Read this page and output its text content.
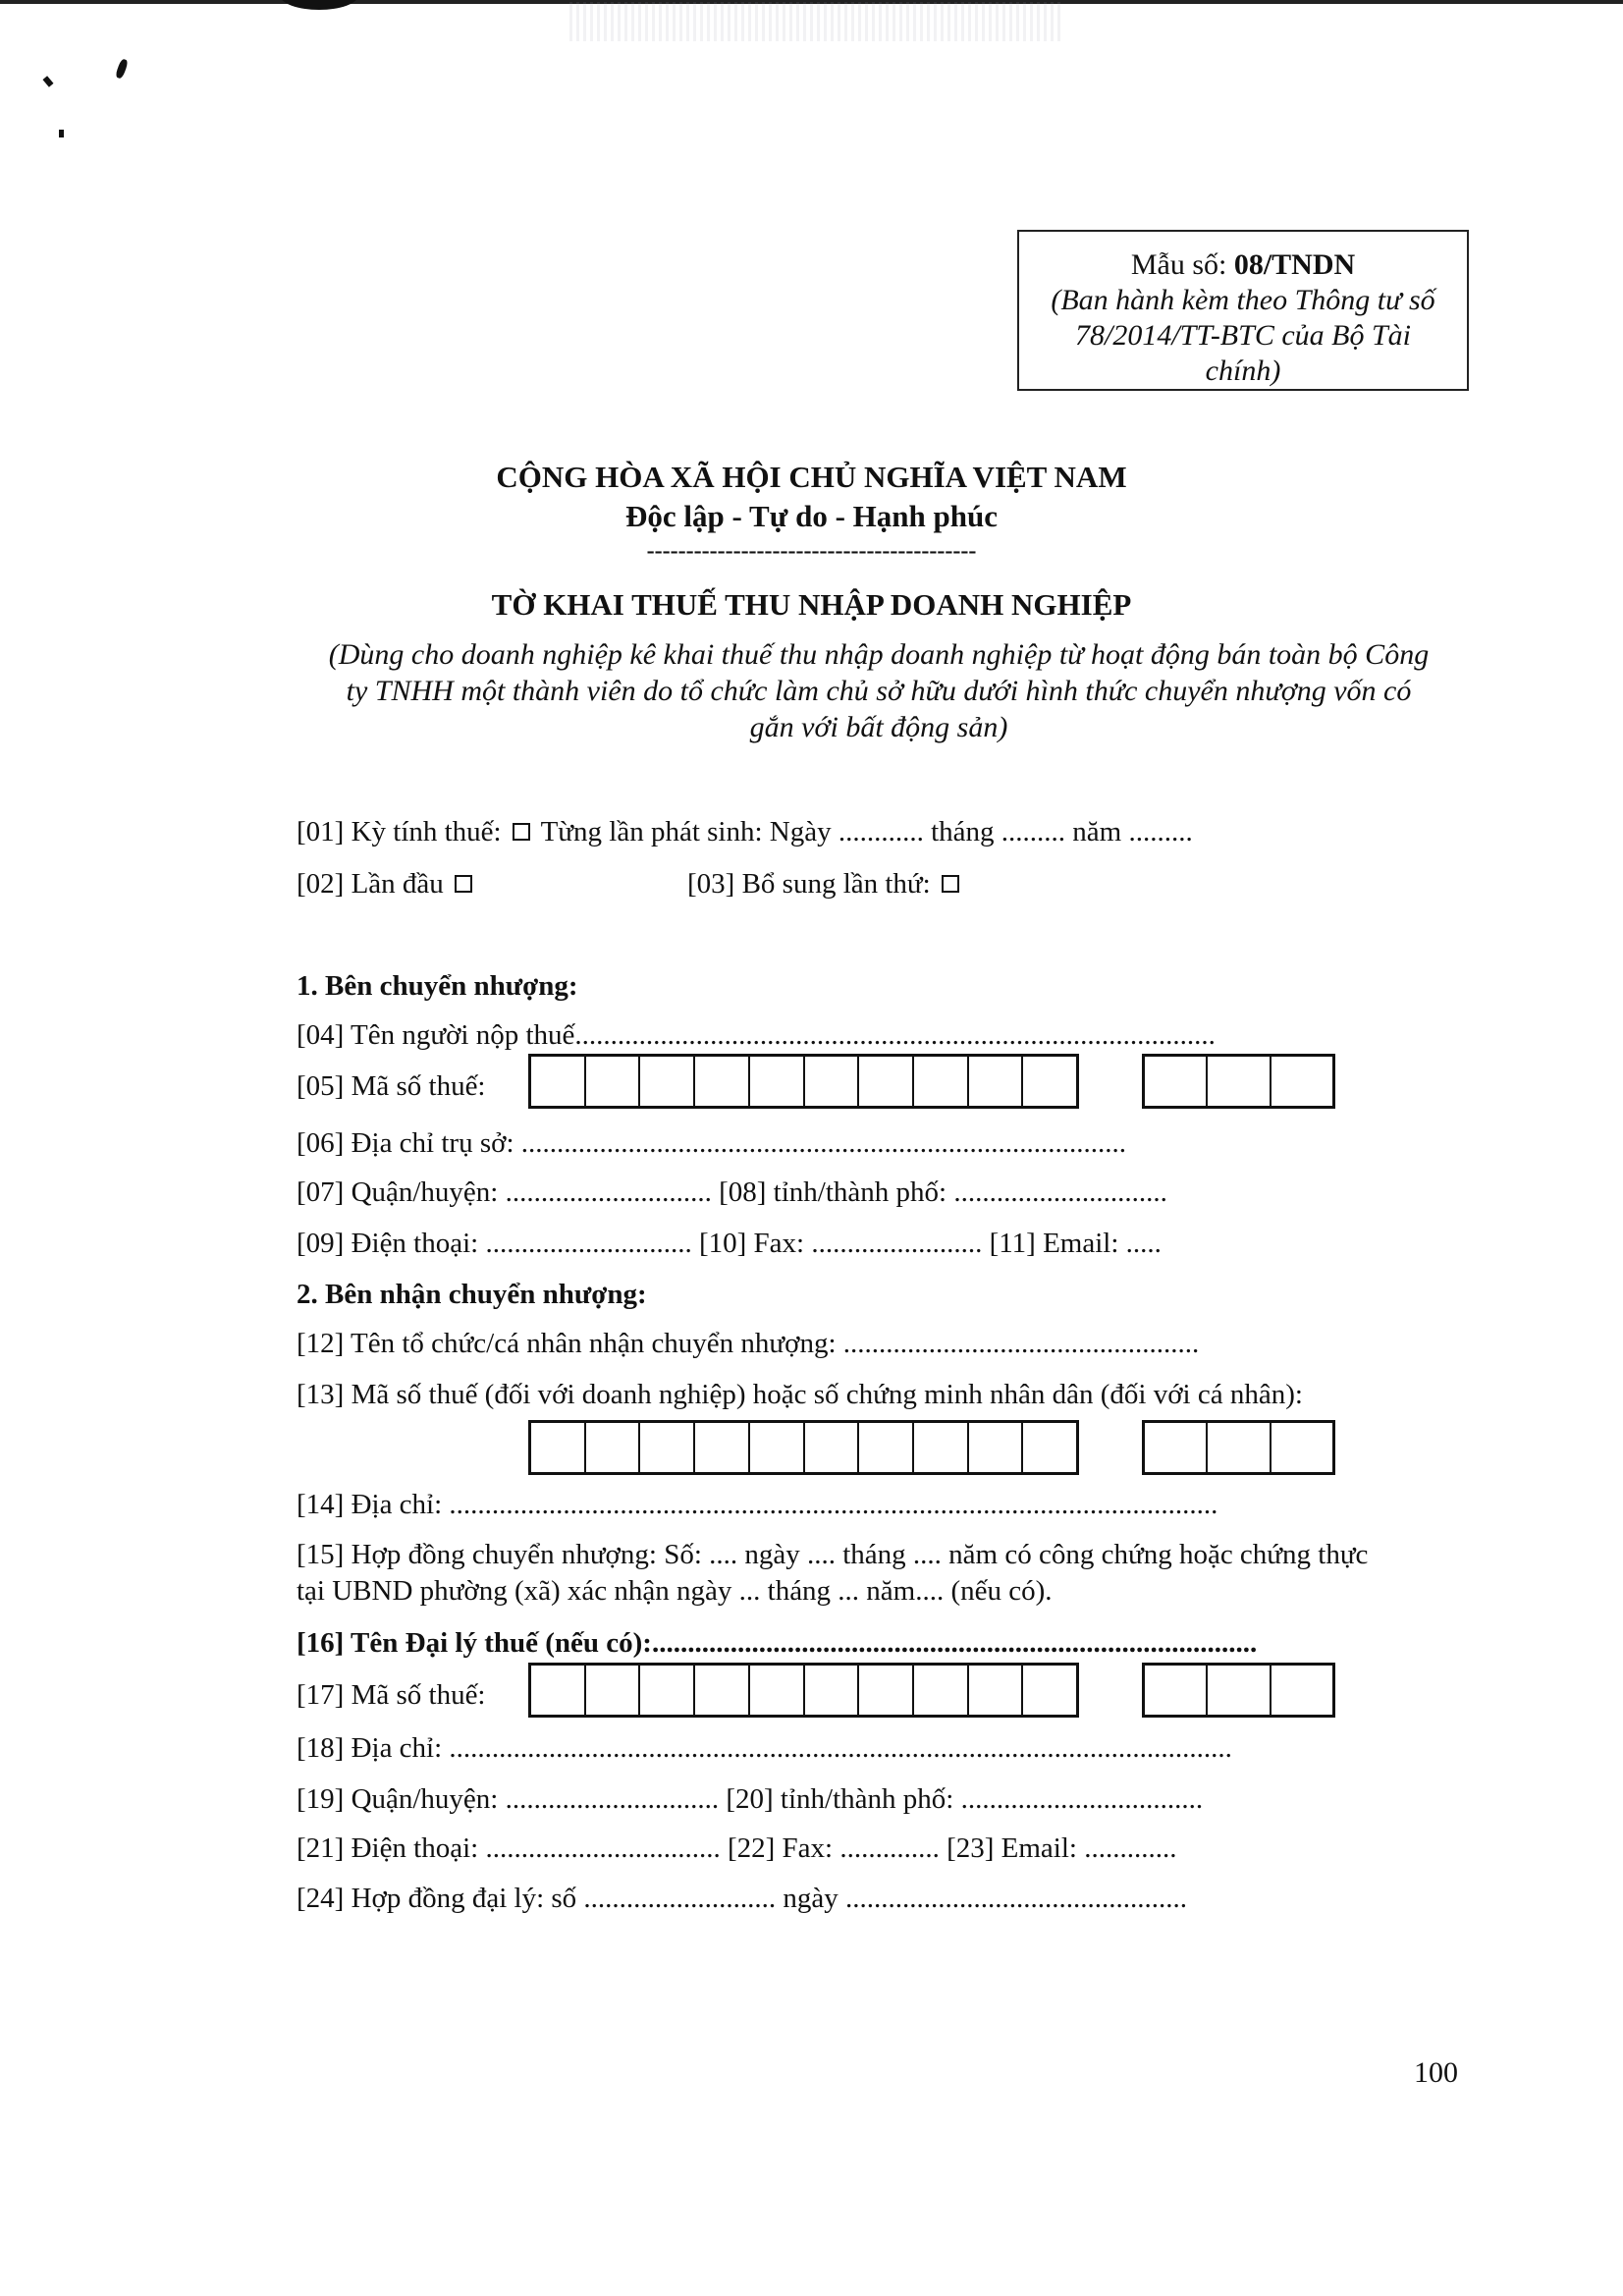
Mẫu số: 08/TNDN
(Ban hành kèm theo Thông tư số
78/2014/TT-BTC của Bộ Tài
chính)
CỘNG HÒA XÃ HỘI CHỦ NGHĨA VIỆT NAM
Độc lập - Tự do - Hạnh phúc
------------------------------------------
TỜ KHAI THUẾ THU NHẬP DOANH NGHIỆP
(Dùng cho doanh nghiệp kê khai thuế thu nhập doanh nghiệp từ hoạt động bán toàn bộ Công
ty TNHH một thành viên do tổ chức làm chủ sở hữu dưới hình thức chuyển nhượng vốn có
gắn với bất động sản)
[01] Kỳ tính thuế: Từng lần phát sinh: Ngày ............ tháng ......... năm .........
[02] Lần đầu	[03] Bổ sung lần thứ:
1. Bên chuyển nhượng:
[04] Tên người nộp thuế..........................................................................................
[05] Mã số thuế:
[06] Địa chỉ trụ sở: .....................................................................................
[07] Quận/huyện: ............................. [08] tỉnh/thành phố: ..............................
[09] Điện thoại: ............................. [10] Fax: ........................ [11] Email: .....
2. Bên nhận chuyển nhượng:
[12] Tên tổ chức/cá nhân nhận chuyển nhượng: ..................................................
[13] Mã số thuế (đối với doanh nghiệp) hoặc số chứng minh nhân dân (đối với cá nhân):
[14] Địa chỉ: ............................................................................................................
[15] Hợp đồng chuyển nhượng: Số: .... ngày .... tháng .... năm có công chứng hoặc chứng thực
tại UBND phường (xã) xác nhận ngày ... tháng ... năm.... (nếu có).
[16] Tên Đại lý thuế (nếu có):.....................................................................................
[17] Mã số thuế:
[18] Địa chỉ: ..............................................................................................................
[19] Quận/huyện: .............................. [20] tỉnh/thành phố: ..................................
[21] Điện thoại: ................................. [22] Fax: .............. [23] Email: .............
[24] Hợp đồng đại lý: số ........................... ngày ................................................
100
